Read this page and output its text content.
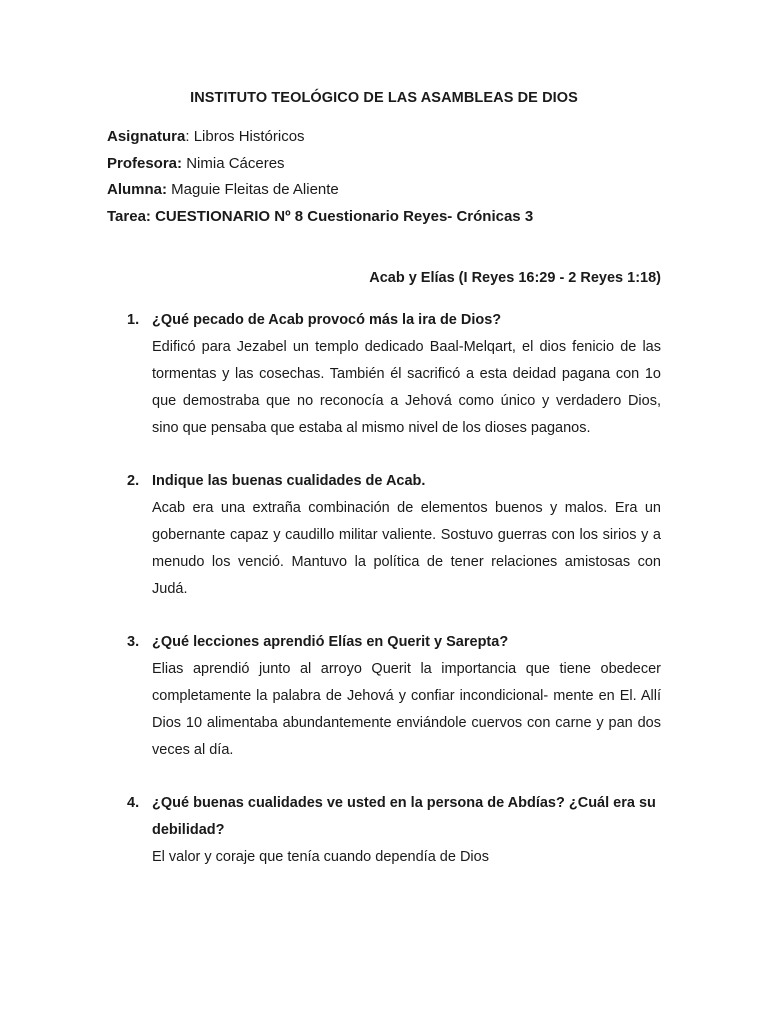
INSTITUTO TEOLÓGICO DE LAS ASAMBLEAS DE DIOS
Asignatura: Libros Históricos
Profesora: Nimia Cáceres
Alumna: Maguie Fleitas de Aliente
Tarea: CUESTIONARIO Nº 8 Cuestionario Reyes- Crónicas 3
Acab y Elías (I Reyes 16:29 - 2 Reyes 1:18)
1. ¿Qué pecado de Acab provocó más la ira de Dios?
Edificó para Jezabel un templo dedicado Baal-Melqart, el dios fenicio de las tormentas y las cosechas. También él sacrificó a esta deidad pagana con 1o que demostraba que no reconocía a Jehová como único y verdadero Dios, sino que pensaba que estaba al mismo nivel de los dioses paganos.
2. Indique las buenas cualidades de Acab.
Acab era una extraña combinación de elementos buenos y malos. Era un gobernante capaz y caudillo militar valiente. Sostuvo guerras con los sirios y a menudo los venció. Mantuvo la política de tener relaciones amistosas con Judá.
3. ¿Qué lecciones aprendió Elías en Querit y Sarepta?
Elias aprendió junto al arroyo Querit la importancia que tiene obedecer completamente la palabra de Jehová y confiar incondicional- mente en El. Allí Dios 10 alimentaba abundantemente enviándole cuervos con carne y pan dos veces al día.
4. ¿Qué buenas cualidades ve usted en la persona de Abdías? ¿Cuál era su debilidad?
El valor y coraje que tenía cuando dependía de Dios
